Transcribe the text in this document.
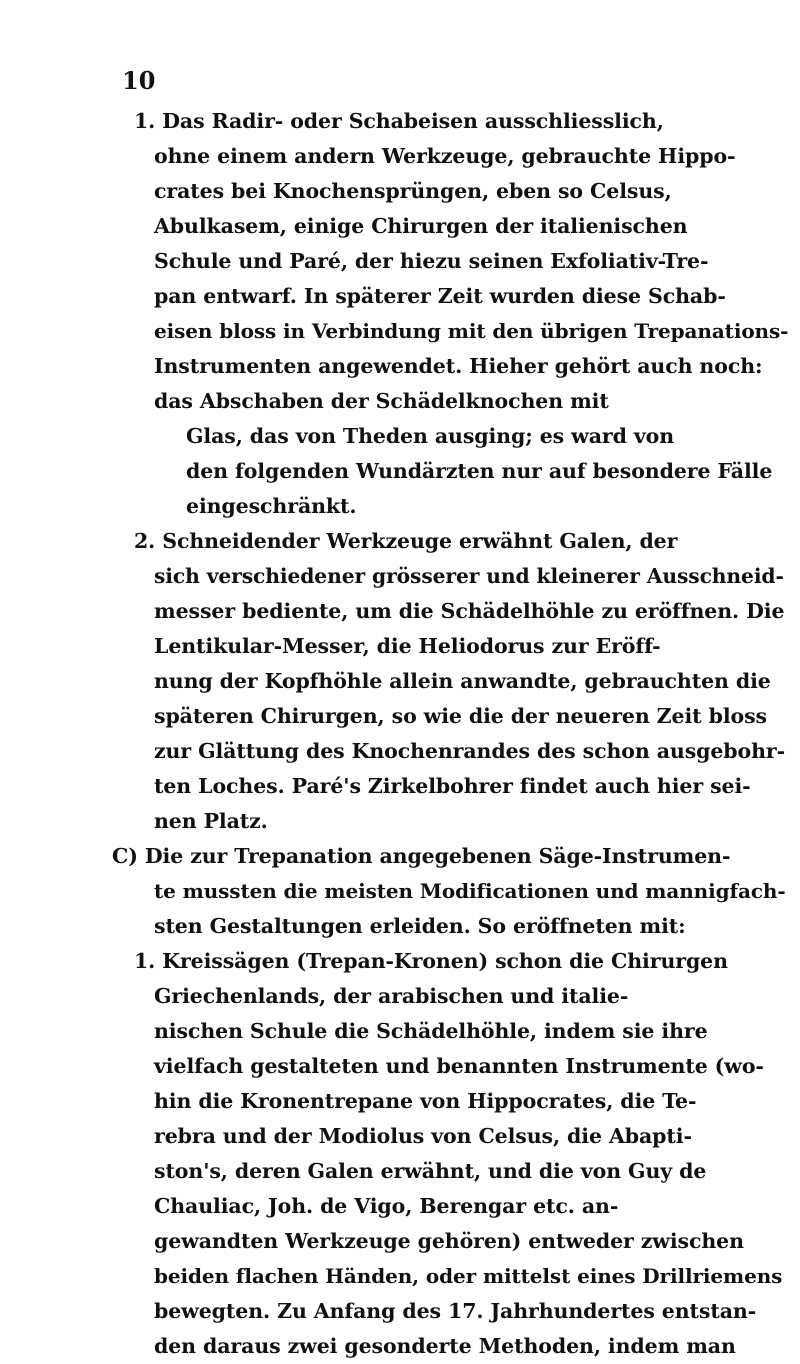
10
1. Das Radir- oder Schabeisen ausschliesslich,
ohne einem andern Werkzeuge, gebrauchte Hippo-
crates bei Knochensprüngen, eben so Celsus,
Abulkasem, einige Chirurgen der italienischen
Schule und Paré, der hiezu seinen Exfoliativ-Tre-
pan entwarf. In späterer Zeit wurden diese Schab-
eisen bloss in Verbindung mit den übrigen Trepanations-
Instrumenten angewendet. Hieher gehört auch noch:
das Abschaben der Schädelknochen mit
Glas, das von Theden ausging; es ward von
den folgenden Wundärzten nur auf besondere Fälle
eingeschränkt.
2. Schneidender Werkzeuge erwähnt Galen, der
sich verschiedener grösserer und kleinerer Ausschneid-
messer bediente, um die Schädelhöhle zu eröffnen. Die
Lentikular-Messer, die Heliodorus zur Eröff-
nung der Kopfhöhle allein anwandte, gebrauchten die
späteren Chirurgen, so wie die der neueren Zeit bloss
zur Glättung des Knochenrandes des schon ausgebohr-
ten Loches. Paré's Zirkelbohrer findet auch hier sei-
nen Platz.
C) Die zur Trepanation angegebenen Säge-Instrumen-
te mussten die meisten Modificationen und mannigfach-
sten Gestaltungen erleiden. So eröffneten mit:
1. Kreissägen (Trepan-Kronen) schon die Chirurgen
Griechenlands, der arabischen und italie-
nischen Schule die Schädelhöhle, indem sie ihre
vielfach gestalteten und benannten Instrumente (wo-
hin die Kronentrepane von Hippocrates, die Te-
rebra und der Modiolus von Celsus, die Abapti-
ston's, deren Galen erwähnt, und die von Guy de
Chauliac, Joh. de Vigo, Berengar etc. an-
gewandten Werkzeuge gehören) entweder zwischen
beiden flachen Händen, oder mittelst eines Drillriemens
bewegten. Zu Anfang des 17. Jahrhundertes entstan-
den daraus zwei gesonderte Methoden, indem man
